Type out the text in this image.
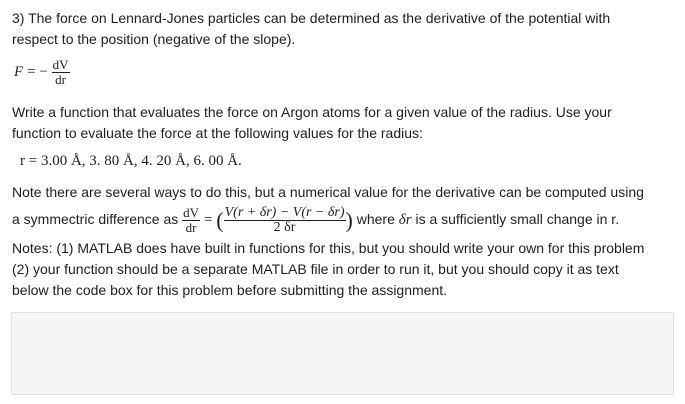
3) The force on Lennard-Jones particles can be determined as the derivative of the potential with
respect to the position (negative of the slope).

F = − $\frac{dV}{dr}$

Write a function that evaluates the force on Argon atoms for a given value of the radius. Use your
function to evaluate the force at the following values for the radius:

r = 3.00 Å, 3. 80 Å, 4. 20 Å, 6. 00 Å.

Note there are several ways to do this, but a numerical value for the derivative can be computed using

a symmectric difference as $\frac{dV}{dr}$ = ( $\frac{V(r + \delta r) - V(r - \delta r)}{2 \delta r}$ ) where δr is a sufficiently small change in r.

Notes: (1) MATLAB does have built in functions for this, but you should write your own for this problem
(2) your function should be a separate MATLAB file in order to run it, but you should copy it as text
below the code box for this problem before submitting the assignment.
